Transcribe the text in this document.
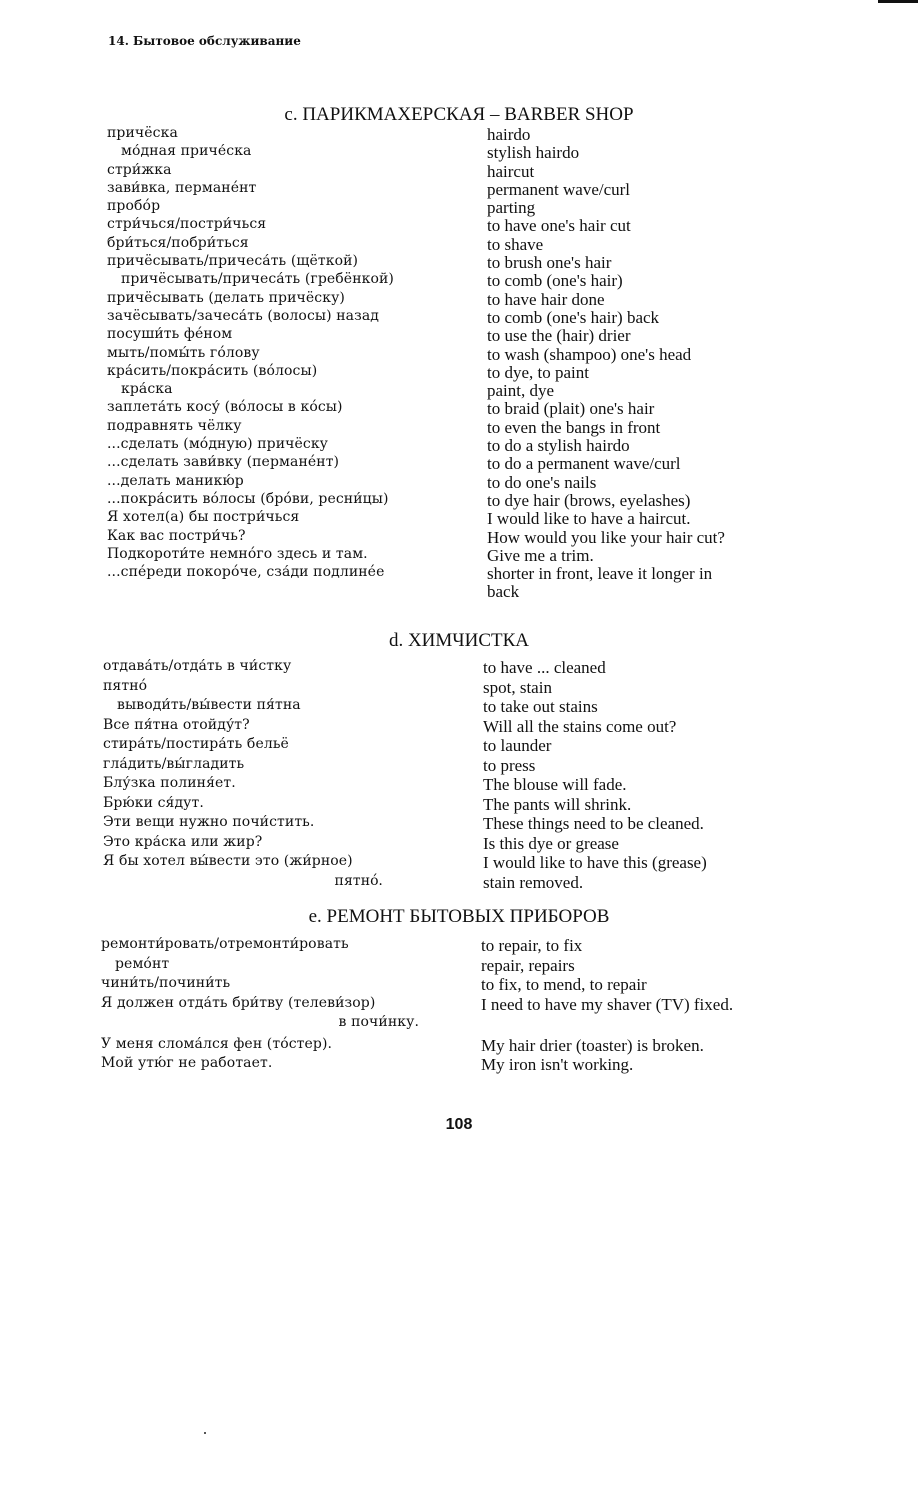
14. Бытовое обслуживание
с. ПАРИКМАХЕРСКАЯ – BARBER SHOP
причёска
мо́дная приче́ска
стри́жка
зави́вка, перманéнт
пробóр
стри́чься/постри́чься
бри́ться/побри́ться
причёсывать/причеса́ть (щёткой)
причёсывать/причеса́ть (гребёнкой)
причёсывать (делать причёску)
зачёсывать/зачеса́ть (волосы) назад
посуши́ть фéном
мыть/помы́ть гóлову
кра́сить/покра́сить (вóлосы)
кра́ска
заплета́ть косу́ (вóлосы в кóсы)
подравнять чёлку
...сделать (мóдную) причёску
...сделать зави́вку (перманéнт)
...делать маникю́р
...покра́сить вóлосы (брóви, ресни́цы)
Я хотел(а) бы постри́чься
Как вас постри́чь?
Подкороти́те немнóго здесь и там.
...спéреди покорóче, сза́ди подлинéе
hairdo
stylish hairdo
haircut
permanent wave/curl
parting
to have one's hair cut
to shave
to brush one's hair
to comb (one's hair)
to have hair done
to comb (one's hair) back
to use the (hair) drier
to wash (shampoo) one's head
to dye, to paint
paint, dye
to braid (plait) one's hair
to even the bangs in front
to do a stylish hairdo
to do a permanent wave/curl
to do one's nails
to dye hair (brows, eyelashes)
I would like to have a haircut.
How would you like your hair cut?
Give me a trim.
shorter in front, leave it longer in
back
d. ХИМЧИСТКА
отдава́ть/отда́ть в чи́стку
пятнó
выводи́ть/вы́вести пя́тна
Все пя́тна отойду́т?
стира́ть/постира́ть бельё
гла́дить/вы́гладить
Блу́зка полиня́ет.
Брю́ки ся́дут.
Эти вещи нужно почи́стить.
Это кра́ска или жир?
Я бы хотел вы́вести это (жи́рное)
пятнó.
to have ... cleaned
spot, stain
to take out stains
Will all the stains come out?
to launder
to press
The blouse will fade.
The pants will shrink.
These things need to be cleaned.
Is this dye or grease
I would like to have this (grease)
stain removed.
е. РЕМОНТ БЫТОВЫХ ПРИБОРОВ
ремонти́ровать/отремонти́ровать
ремóнт
чини́ть/почини́ть
Я должен отда́ть бри́тву (телеви́зор)
в почи́нку.
У меня слома́лся фен (тóстер).
Мой утю́г не работает.
to repair, to fix
repair, repairs
to fix, to mend, to repair
I need to have my shaver (TV) fixed.
My hair drier (toaster) is broken.
My iron isn't working.
108
